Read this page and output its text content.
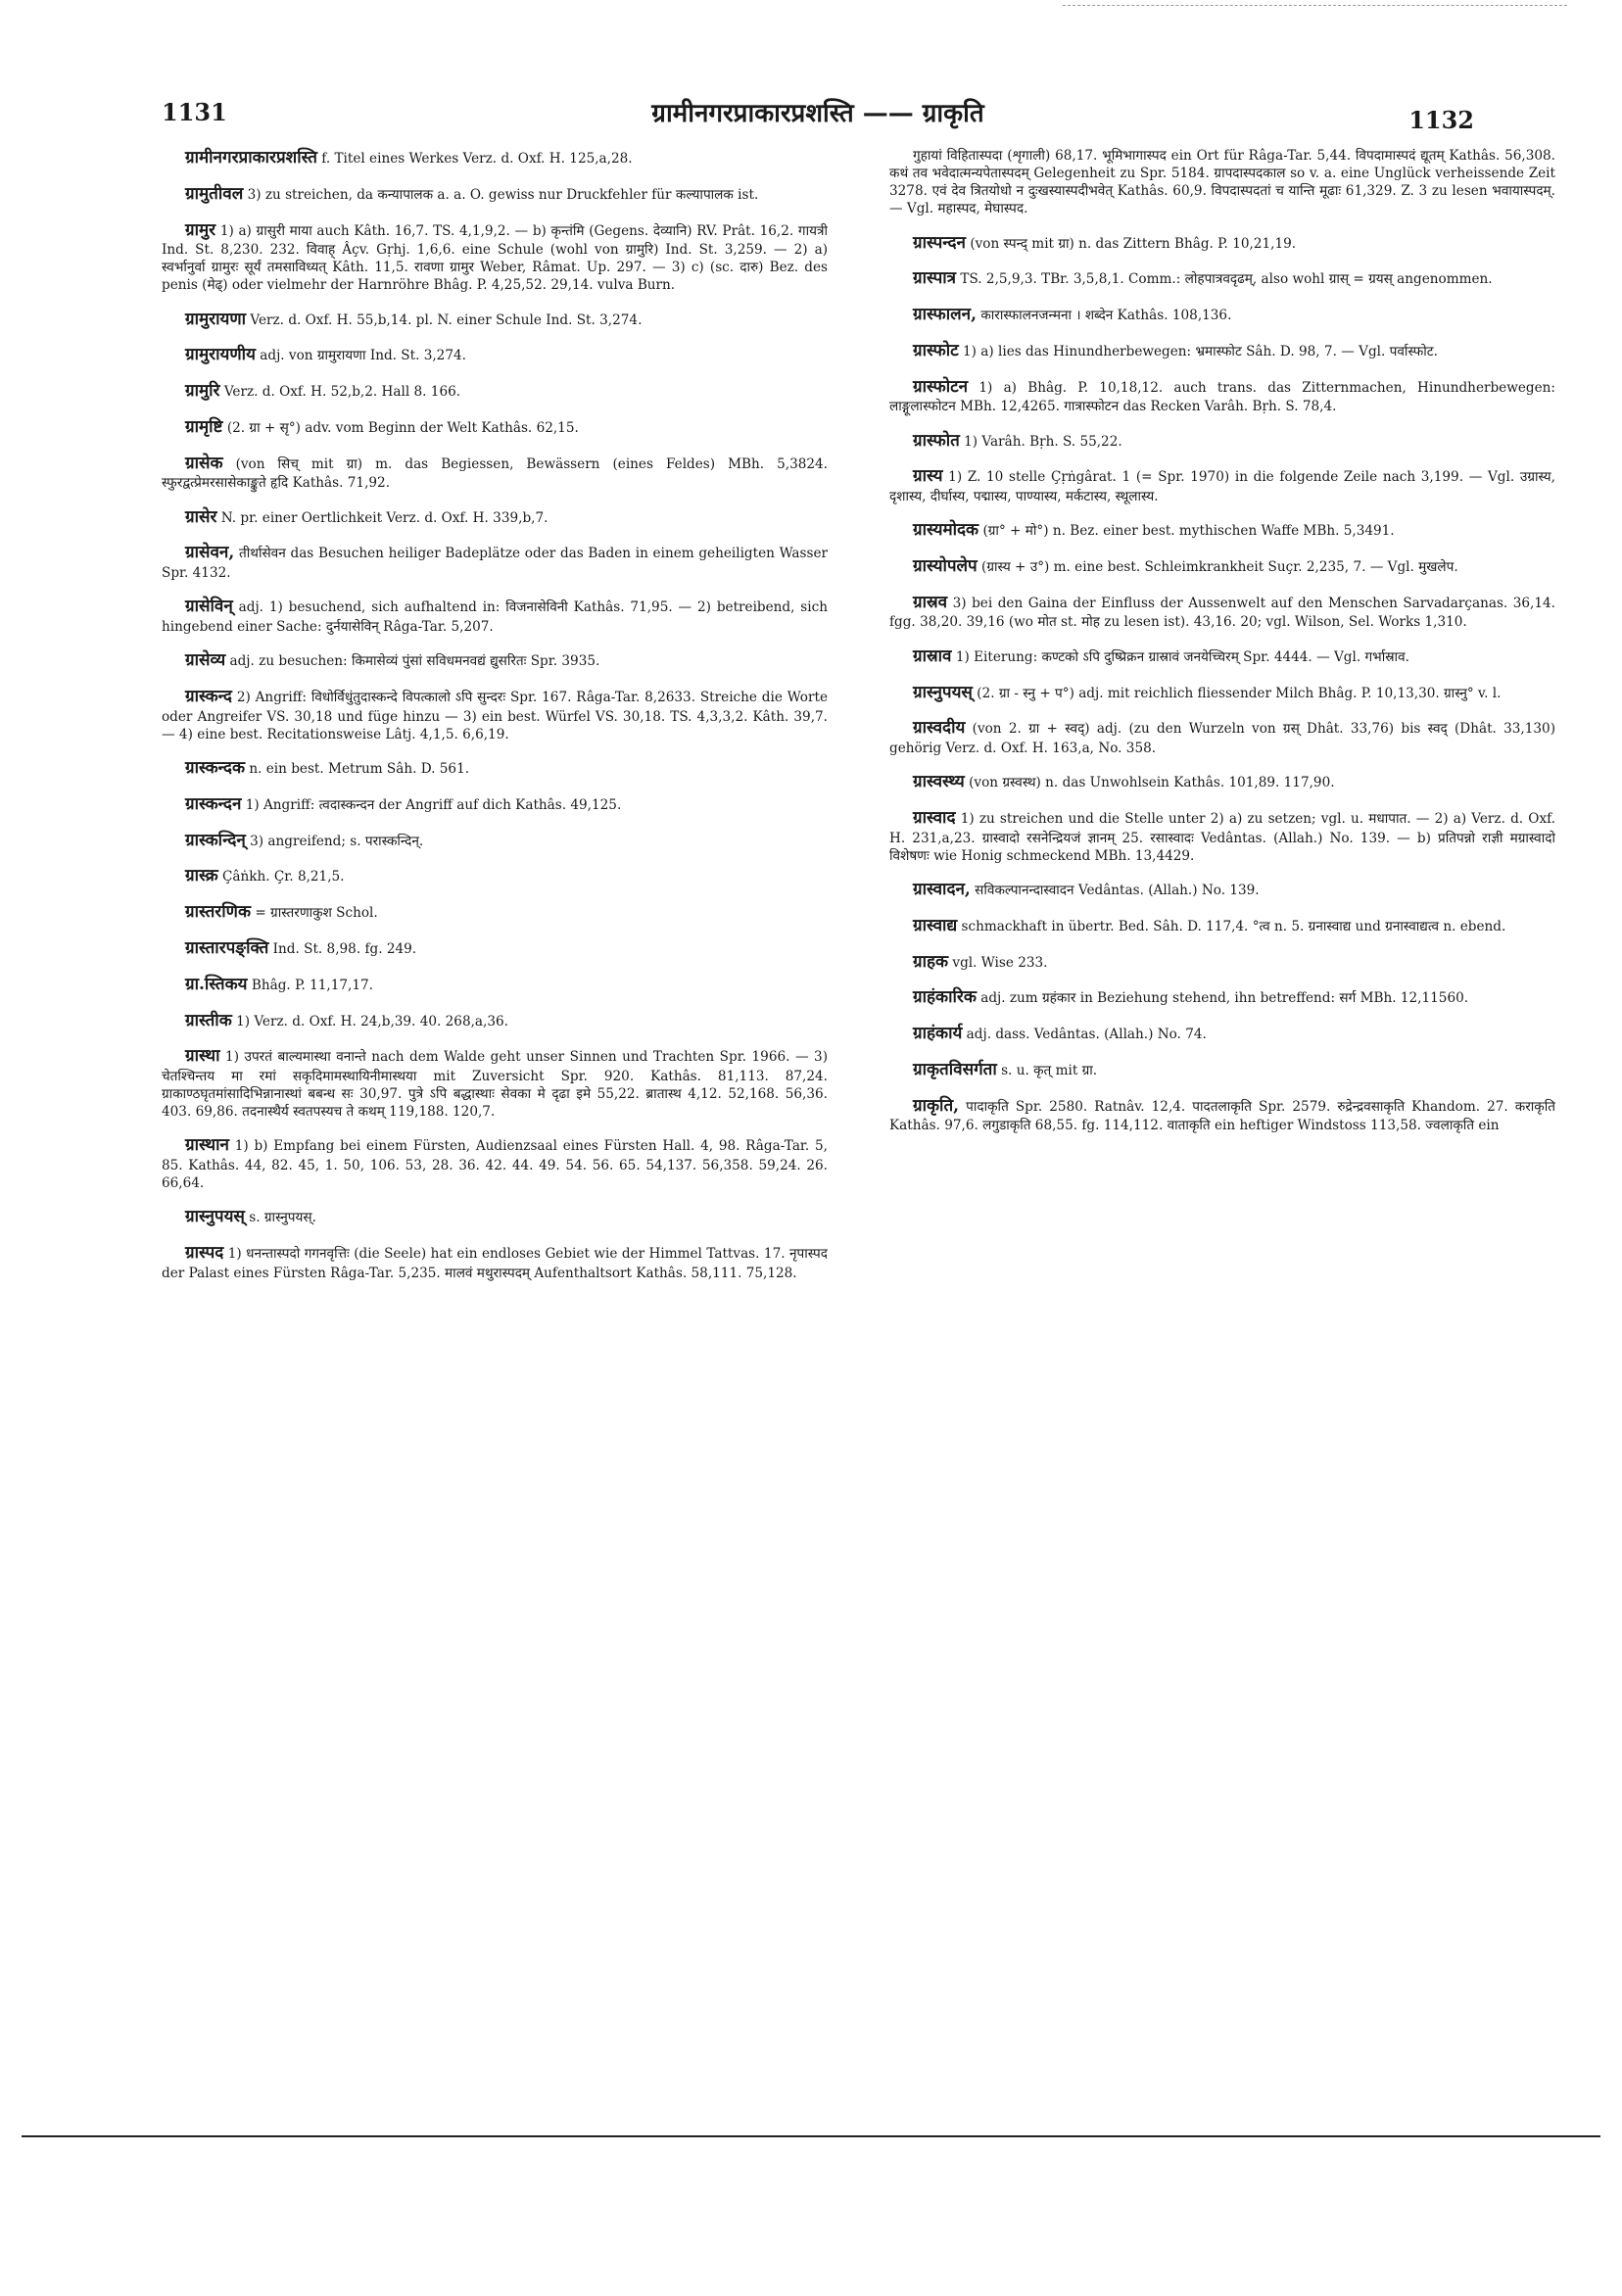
1131	ग्रामीनगरप्राकारप्रशस्ति —— ग्राकृति	1132

ग्रामीनगरप्राकारप्रशस्ति f. Titel eines Werkes Verz. d. Oxf. H. 125,a,28.

ग्रामुतीवल 3) zu streichen, da कन्यापालक a. a. O. gewiss nur Druckfehler für कल्यापालक ist.

ग्रामुर 1) a) ग्रासुरी माया auch Kâth. 16,7. TS. 4,1,9,2. — b) कृन्तंमि (Gegens. देव्यानि) RV. Prât. 16,2. गायत्री Ind. St. 8,230. 232. विवाह् Âçv. Gṛhj. 1,6,6. eine Schule (wohl von ग्रामुरि) Ind. St. 3,259. — 2) a) स्वर्भानुर्वा ग्रामुरः सूर्यं तमसाविध्यत् Kâth. 11,5. रावणा ग्रामुर Weber, Râmat. Up. 297. — 3) c) (sc. दारु) Bez. des penis (मेढ्) oder vielmehr der Harnröhre Bhâg. P. 4,25,52. 29,14. vulva Burn.

ग्रामुरायणा Verz. d. Oxf. H. 55,b,14. pl. N. einer Schule Ind. St. 3,274.

ग्रामुरायणीय adj. von ग्रामुरायणा Ind. St. 3,274.

ग्रामुरि Verz. d. Oxf. H. 52,b,2. Hall 8. 166.

ग्रामृष्टि (2. ग्रा + सृ°) adv. vom Beginn der Welt Kathâs. 62,15.

ग्रासेक (von सिच् mit ग्रा) m. das Begiessen, Bewässern (eines Feldes) MBh. 5,3824. स्फुरद्वत्प्रेमरसासेकाङ्कुते हृदि Kathâs. 71,92.

ग्रासेर N. pr. einer Oertlichkeit Verz. d. Oxf. H. 339,b,7.

ग्रासेवन, तीर्थासेवन das Besuchen heiliger Badeplätze oder das Baden in einem geheiligten Wasser Spr. 4132.

ग्रासेविन् adj. 1) besuchend, sich aufhaltend in: विजनासेविनी Kathâs. 71,95. — 2) betreibend, sich hingebend einer Sache: दुर्नयासेविन् Râga-Tar. 5,207.

ग्रासेव्य adj. zu besuchen: किमासेव्यं पुंसां सविधमनवद्यं द्युसरितः Spr. 3935.

ग्रास्कन्द 2) Angriff: विधोर्विधुंतुदास्कन्दे विपत्कालो ऽपि सुन्दरः Spr. 167. Râga-Tar. 8,2633. Streiche die Worte oder Angreifer VS. 30,18 und füge hinzu — 3) ein best. Würfel VS. 30,18. TS. 4,3,3,2. Kâth. 39,7. — 4) eine best. Recitationsweise Lâtj. 4,1,5. 6,6,19.

ग्रास्कन्दक n. ein best. Metrum Sâh. D. 561.

ग्रास्कन्दन 1) Angriff: त्वदास्कन्दन der Angriff auf dich Kathâs. 49,125.

ग्रास्कन्दिन् 3) angreifend; s. परास्कन्दिन्.

ग्रास्क्र Çâṅkh. Çr. 8,21,5.

ग्रास्तरणिक = ग्रास्तरणाकुश Schol.

ग्रास्तारपङ्क्ति Ind. St. 8,98. fg. 249.

ग्रा.स्तिकय Bhâg. P. 11,17,17.

ग्रास्तीक 1) Verz. d. Oxf. H. 24,b,39. 40. 268,a,36.

ग्रास्था 1) उपरतं बाल्यमास्था वनान्ते nach dem Walde geht unser Sinnen und Trachten Spr. 1966. — 3) चेतश्चिन्तय मा रमां सकृदिमामस्थायिनीमास्थया mit Zuversicht Spr. 920. Kathâs. 81,113. 87,24. ग्राकाण्ठघृतमांसादिभिन्नानास्थां बबन्ध सः 30,97. पुत्रे ऽपि बद्धास्थाः सेवका मे दृढा इमे 55,22. ब्रातास्थ 4,12. 52,168. 56,36. 403. 69,86. तदनास्थैर्य स्वतपस्यच ते कथम् 119,188. 120,7.

ग्रास्थान 1) b) Empfang bei einem Fürsten, Audienzsaal eines Fürsten Hall. 4, 98. Râga-Tar. 5, 85. Kathâs. 44, 82. 45, 1. 50, 106. 53, 28. 36. 42. 44. 49. 54. 56. 65. 54,137. 56,358. 59,24. 26. 66,64.

ग्रास्नुपयस् s. ग्रास्नुपयस्.

ग्रास्पद 1) धनन्तास्पदो गगनवृत्तिः (die Seele) hat ein endloses Gebiet wie der Himmel Tattvas. 17. नृपास्पद der Palast eines Fürsten Râga-Tar. 5,235. मालवं मथुरास्पदम् Aufenthaltsort Kathâs. 58,111. 75,128.

गुहायां विहितास्पदा (शृगाली) 68,17. भूमिभागास्पद ein Ort für Râga-Tar. 5,44. विपदामास्पदं द्यूतम् Kathâs. 56,308. कथं तव भवेदात्मन्यपेतास्पदम् Gelegenheit zu Spr. 5184. ग्रापदास्पदकाल so v. a. eine Unglück verheissende Zeit 3278. एवं देव त्रितयोधो न दुःखस्यास्पदीभवेत् Kathâs. 60,9. विपदास्पदतां च यान्ति मूढाः 61,329. Z. 3 zu lesen भवायास्पदम्. — Vgl. महास्पद, मेघास्पद.

ग्रास्पन्दन (von स्पन्द् mit ग्रा) n. das Zittern Bhâg. P. 10,21,19.

ग्रास्पात्र TS. 2,5,9,3. TBr. 3,5,8,1. Comm.: लोहपात्रवदृढम्, also wohl ग्रास् = ग्रयस् angenommen.

ग्रास्फालन, कारास्फालनजन्मना । शब्देन Kathâs. 108,136.

ग्रास्फोट 1) a) lies das Hinundherbewegen: भ्रमास्फोट Sâh. D. 98, 7. — Vgl. पर्वास्फोट.

ग्रास्फोटन 1) a) Bhâg. P. 10,18,12. auch trans. das Zitternmachen, Hinundherbewegen: लाङ्गूलास्फोटन MBh. 12,4265. गात्रास्फोटन das Recken Varâh. Bṛh. S. 78,4.

ग्रास्फोत 1) Varâh. Bṛh. S. 55,22.

ग्रास्य 1) Z. 10 stelle Çṛṅgârat. 1 (= Spr. 1970) in die folgende Zeile nach 3,199. — Vgl. उग्रास्य, दृशास्य, दीर्घास्य, पद्मास्य, पाण्यास्य, मर्कटास्य, स्थूलास्य.

ग्रास्यमोदक (ग्रा° + मो°) n. Bez. einer best. mythischen Waffe MBh. 5,3491.

ग्रास्योपलेप (ग्रास्य + उ°) m. eine best. Schleimkrankheit Suçr. 2,235, 7. — Vgl. मुखलेप.

ग्रास्रव 3) bei den Gaina der Einfluss der Aussenwelt auf den Menschen Sarvadarçanas. 36,14. fgg. 38,20. 39,16 (wo मोत st. मोह zu lesen ist). 43,16. 20; vgl. Wilson, Sel. Works 1,310.

ग्रास्राव 1) Eiterung: कण्टको ऽपि दुष्प्रिक्रन ग्रास्रावं जनयेच्चिरम् Spr. 4444. — Vgl. गर्भास्राव.

ग्रास्नुपयस् (2. ग्रा - स्नु + प°) adj. mit reichlich fliessender Milch Bhâg. P. 10,13,30. ग्रास्नु° v. l.

ग्रास्वदीय (von 2. ग्रा + स्वद्) adj. (zu den Wurzeln von ग्रस् Dhât. 33,76) bis स्वद् (Dhât. 33,130) gehörig Verz. d. Oxf. H. 163,a, No. 358.

ग्रास्वस्थ्य (von ग्रस्वस्थ) n. das Unwohlsein Kathâs. 101,89. 117,90.

ग्रास्वाद 1) zu streichen und die Stelle unter 2) a) zu setzen; vgl. u. मधापात. — 2) a) Verz. d. Oxf. H. 231,a,23. ग्रास्वादो रसनेन्द्रियजं ज्ञानम् 25. रसास्वादः Vedântas. (Allah.) No. 139. — b) प्रतिपन्नो राज्ञी मग्रास्वादो विशेषणः wie Honig schmeckend MBh. 13,4429.

ग्रास्वादन, सविकल्पानन्दास्वादन Vedântas. (Allah.) No. 139.

ग्रास्वाद्य schmackhaft in übertr. Bed. Sâh. D. 117,4. °त्व n. 5. ग्रनास्वाद्य und ग्रनास्वाद्यत्व n. ebend.

ग्राहक vgl. Wise 233.

ग्राहंकारिक adj. zum ग्रहंकार in Beziehung stehend, ihn betreffend: सर्ग MBh. 12,11560.

ग्राहंकार्य adj. dass. Vedântas. (Allah.) No. 74.

ग्राकृतविसर्गता s. u. कृत् mit ग्रा.

ग्राकृति, पादाकृति Spr. 2580. Ratnâv. 12,4. पादतलाकृति Spr. 2579. रुद्रेन्द्रवसाकृति Khandom. 27. कराकृति Kathâs. 97,6. लगुडाकृति 68,55. fg. 114,112. वाताकृति ein heftiger Windstoss 113,58. ज्वलाकृति ein
